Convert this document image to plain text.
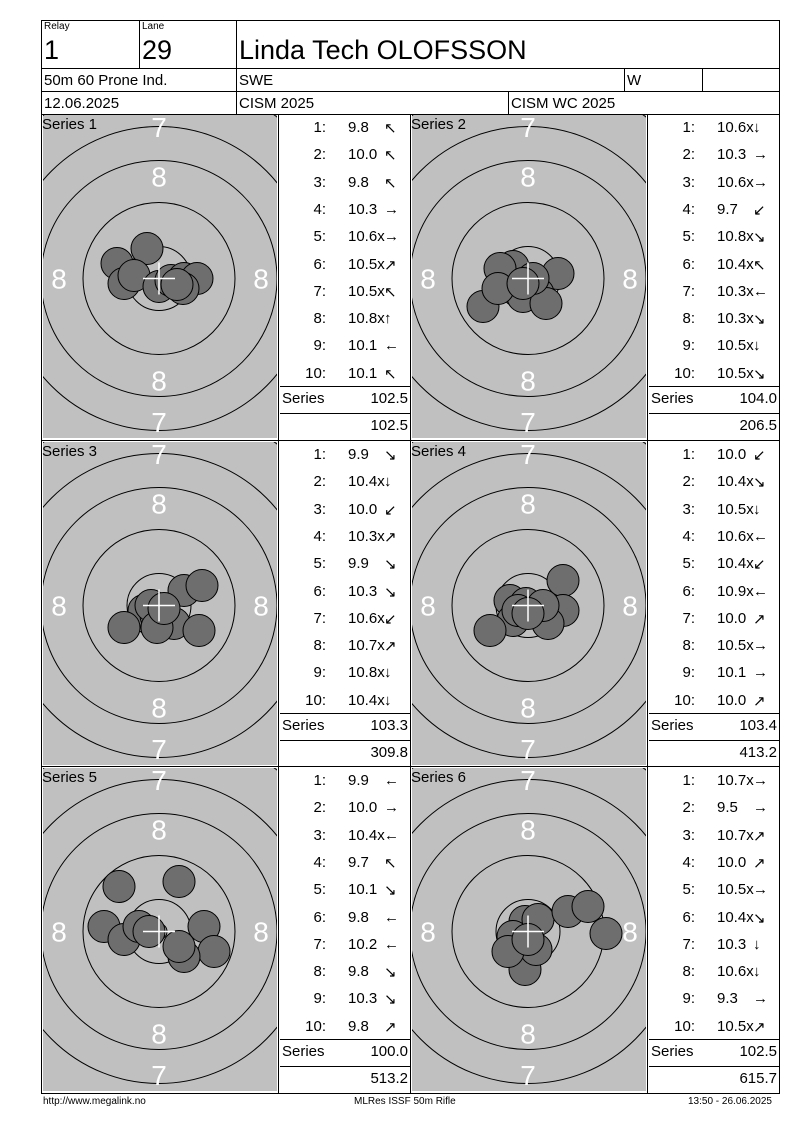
Relay
1
Lane
29 Linda Tech OLOFSSON
50m 60 Prone Ind.	SWE	W
12.06.2025	CISM 2025	CISM WC 2025
7
7
8
8
8	8
Series 1	1: 9.8 ↖
2: 10.0 ↖
3: 9.8 ↖
4: 10.3 →
5: 10.6x →
6: 10.5x ↗
7: 10.5x ↖
8: 10.8x ↑
9: 10.1 ←
10: 10.1 ↖
Series	102.5
102.5
7
7
8
8
8	8
Series 2	1: 10.6x ↓
2: 10.3 →
3: 10.6x →
4: 9.7 ↙
5: 10.8x ↘
6: 10.4x ↖
7: 10.3x ←
8: 10.3x ↘
9: 10.5x ↓
10: 10.5x ↘
Series	104.0
206.5
7
7
8
8
8	8
Series 3	1: 9.9 ↘
2: 10.4x ↓
3: 10.0 ↙
4: 10.3x ↗
5: 9.9 ↘
6: 10.3 ↘
7: 10.6x ↙
8: 10.7x ↗
9: 10.8x ↓
10: 10.4x ↓
Series	103.3
309.8
7
7
8
8
8	8
Series 4	1: 10.0 ↙
2: 10.4x ↘
3: 10.5x ↓
4: 10.6x ←
5: 10.4x ↙
6: 10.9x ←
7: 10.0 ↗
8: 10.5x →
9: 10.1 →
10: 10.0 ↗
Series	103.4
413.2
7
7
8
8
8	8
Series 5	1: 9.9 ←
2: 10.0 →
3: 10.4x ←
4: 9.7 ↖
5: 10.1 ↘
6: 9.8 ←
7: 10.2 ←
8: 9.8 ↘
9: 10.3 ↘
10: 9.8 ↗
Series	100.0
513.2
7
7
8
8
8	8
Series 6	1: 10.7x →
2: 9.5 →
3: 10.7x ↗
4: 10.0 ↗
5: 10.5x →
6: 10.4x ↘
7: 10.3 ↓
8: 10.6x ↓
9: 9.3 →
10: 10.5x ↗
Series	102.5
615.7
http://www.megalink.no	MLRes ISSF 50m Rifle	13:50 - 26.06.2025
